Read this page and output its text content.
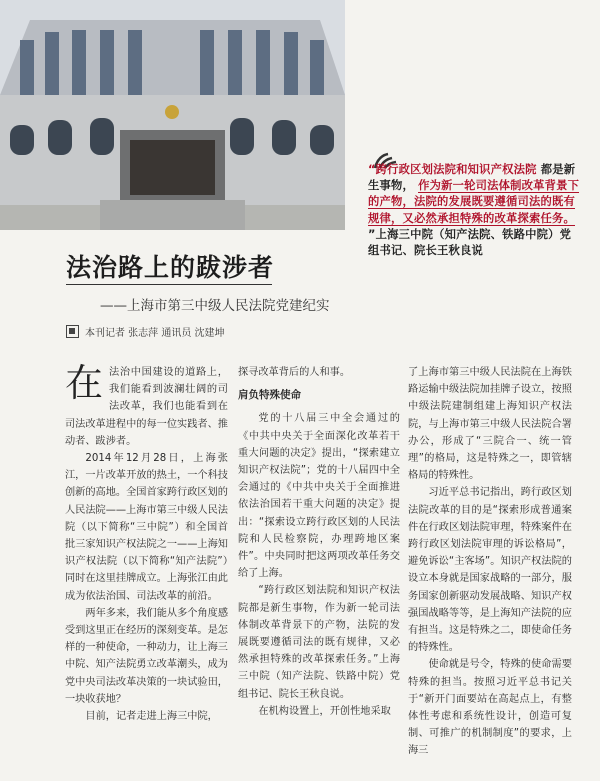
“跨行政区划法院和知识产权法院 都是新生事物， 作为新一轮司法体制改革背景下的产物，法院的发展既要遵循司法的既有规律，又必然承担特殊的改革探索任务。 ”上海三中院（知产法院、铁路中院）党组书记、院长王秋良说

法治路上的跋涉者
——上海市第三中级人民法院党建纪实
本刊记者 张志萍 通讯员 沈建坤

在法治中国建设的道路上，我们能看到波澜壮阔的司法改革，我们也能看到在司法改革进程中的每一位实践者、推动者、跋涉者。

2014年12月28日，上海张江，一片改革开放的热土，一个科技创新的高地。全国首家跨行政区划的人民法院——上海市第三中级人民法院（以下简称“三中院”）和全国首批三家知识产权法院之一——上海知识产权法院（以下简称“知产法院”）同时在这里挂牌成立。上海张江由此成为依法治国、司法改革的前沿。

两年多来，我们能从多个角度感受到这里正在经历的深刻变革。是怎样的一种使命，一种动力，让上海三中院、知产法院勇立改革潮头，成为党中央司法改革决策的一块试验田，一块收获地？

目前，记者走进上海三中院，

探寻改革背后的人和事。

肩负特殊使命

党的十八届三中全会通过的《中共中央关于全面深化改革若干重大问题的决定》提出，“探索建立知识产权法院”；党的十八届四中全会通过的《中共中央关于全面推进依法治国若干重大问题的决定》提出：“探索设立跨行政区划的人民法院和人民检察院，办理跨地区案件”。中央同时把这两项改革任务交给了上海。

“跨行政区划法院和知识产权法院都是新生事物，作为新一轮司法体制改革背景下的产物，法院的发展既要遵循司法的既有规律，又必然承担特殊的改革探索任务。”上海三中院（知产法院、铁路中院）党组书记、院长王秋良说。

在机构设置上，开创性地采取

了上海市第三中级人民法院在上海铁路运输中级法院加挂牌子设立，按照中级法院建制组建上海知识产权法院，与上海市第三中级人民法院合署办公，形成了“三院合一、统一管理”的格局，这是特殊之一，即管辖格局的特殊性。

习近平总书记指出，跨行政区划法院改革的目的是“探索形成普通案件在行政区划法院审理，特殊案件在跨行政区划法院审理的诉讼格局”，避免诉讼“主客场”。知识产权法院的设立本身就是国家战略的一部分，服务国家创新驱动发展战略、知识产权强国战略等等，是上海知产法院的应有担当。这是特殊之二，即使命任务的特殊性。

使命就是号令，特殊的使命需要特殊的担当。按照习近平总书记关于“新开门面要站在高起点上，有整体性考虑和系统性设计，创造可复制、可推广的机制制度”的要求，上海三
